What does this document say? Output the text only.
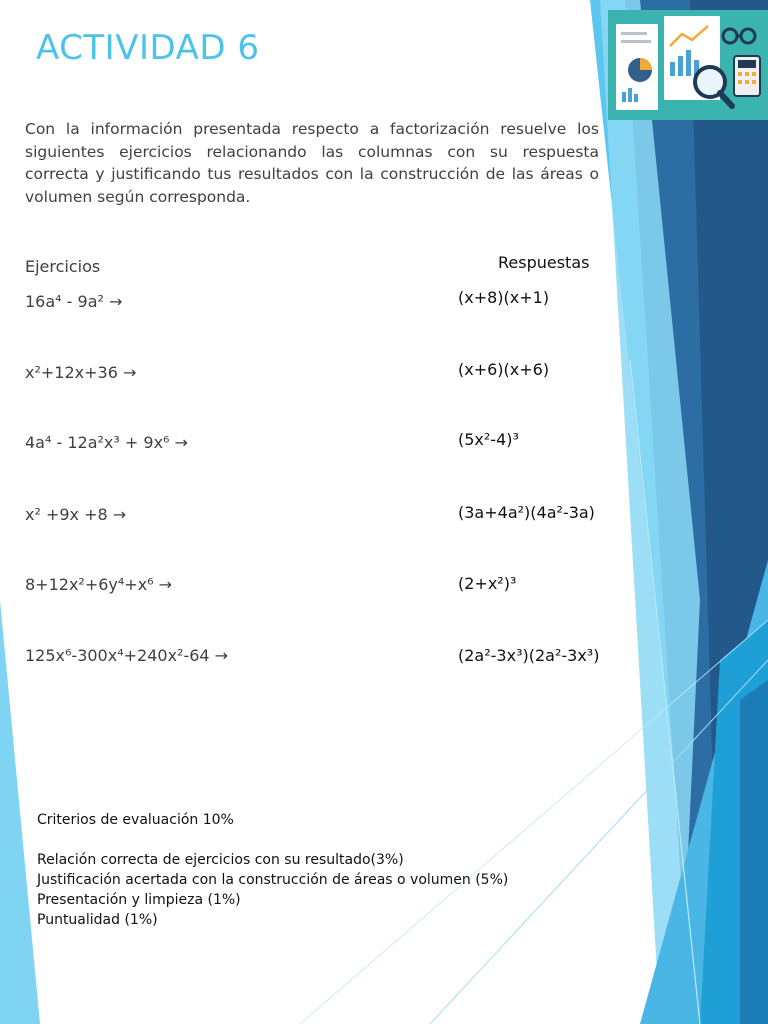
ACTIVIDAD 6
Con la información presentada respecto a factorización resuelve los siguientes ejercicios relacionando las columnas con su respuesta correcta y justificando tus resultados con la construcción de las áreas o volumen según corresponda.
Ejercicios	Respuestas
16a⁴ - 9a² →
x²+12x+36 →
4a⁴ - 12a²x³ + 9x⁶ →
x² +9x +8 →
8+12x²+6y⁴+x⁶ →
125x⁶-300x⁴+240x²-64 →
(x+8)(x+1)
(x+6)(x+6)
(5x²-4)³
(3a+4a²)(4a²-3a)
(2+x²)³
(2a²-3x³)(2a²-3x³)
Criterios de evaluación 10%
Relación correcta de ejercicios con su resultado(3%)
Justificación acertada con la construcción de áreas o volumen (5%)
Presentación y limpieza (1%)
Puntualidad (1%)
